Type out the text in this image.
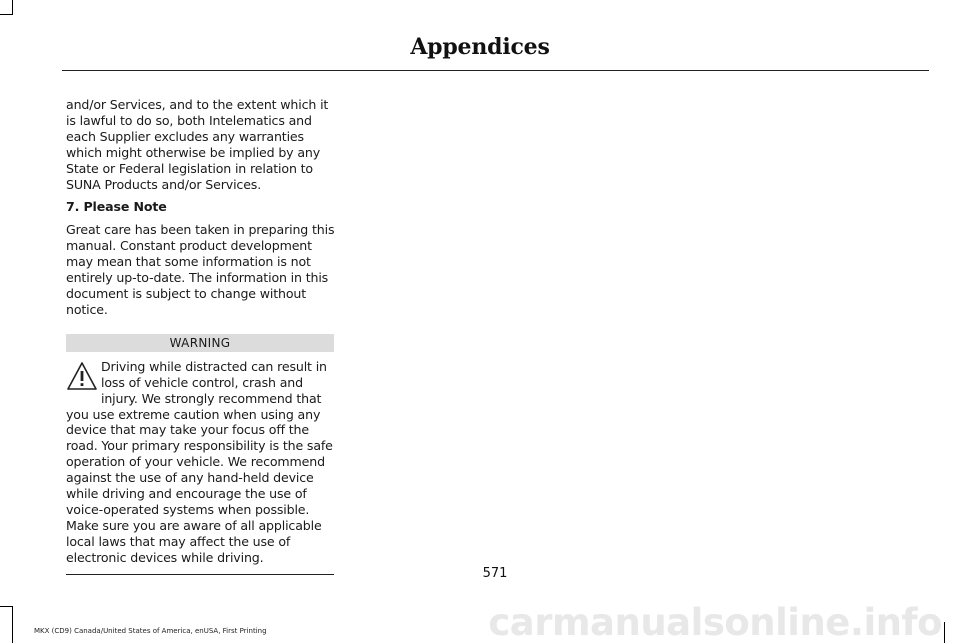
Appendices

and/or Services, and to the extent which it is lawful to do so, both Intelematics and each Supplier excludes any warranties which might otherwise be implied by any State or Federal legislation in relation to SUNA Products and/or Services.

7. Please Note

Great care has been taken in preparing this manual. Constant product development may mean that some information is not entirely up-to-date. The information in this document is subject to change without notice.

WARNING
Driving while distracted can result in loss of vehicle control, crash and injury. We strongly recommend that you use extreme caution when using any device that may take your focus off the road. Your primary responsibility is the safe operation of your vehicle. We recommend against the use of any hand-held device while driving and encourage the use of voice-operated systems when possible. Make sure you are aware of all applicable local laws that may affect the use of electronic devices while driving.
571
MKX (CD9) Canada/United States of America, enUSA, First Printing	carmanualsonline.info
